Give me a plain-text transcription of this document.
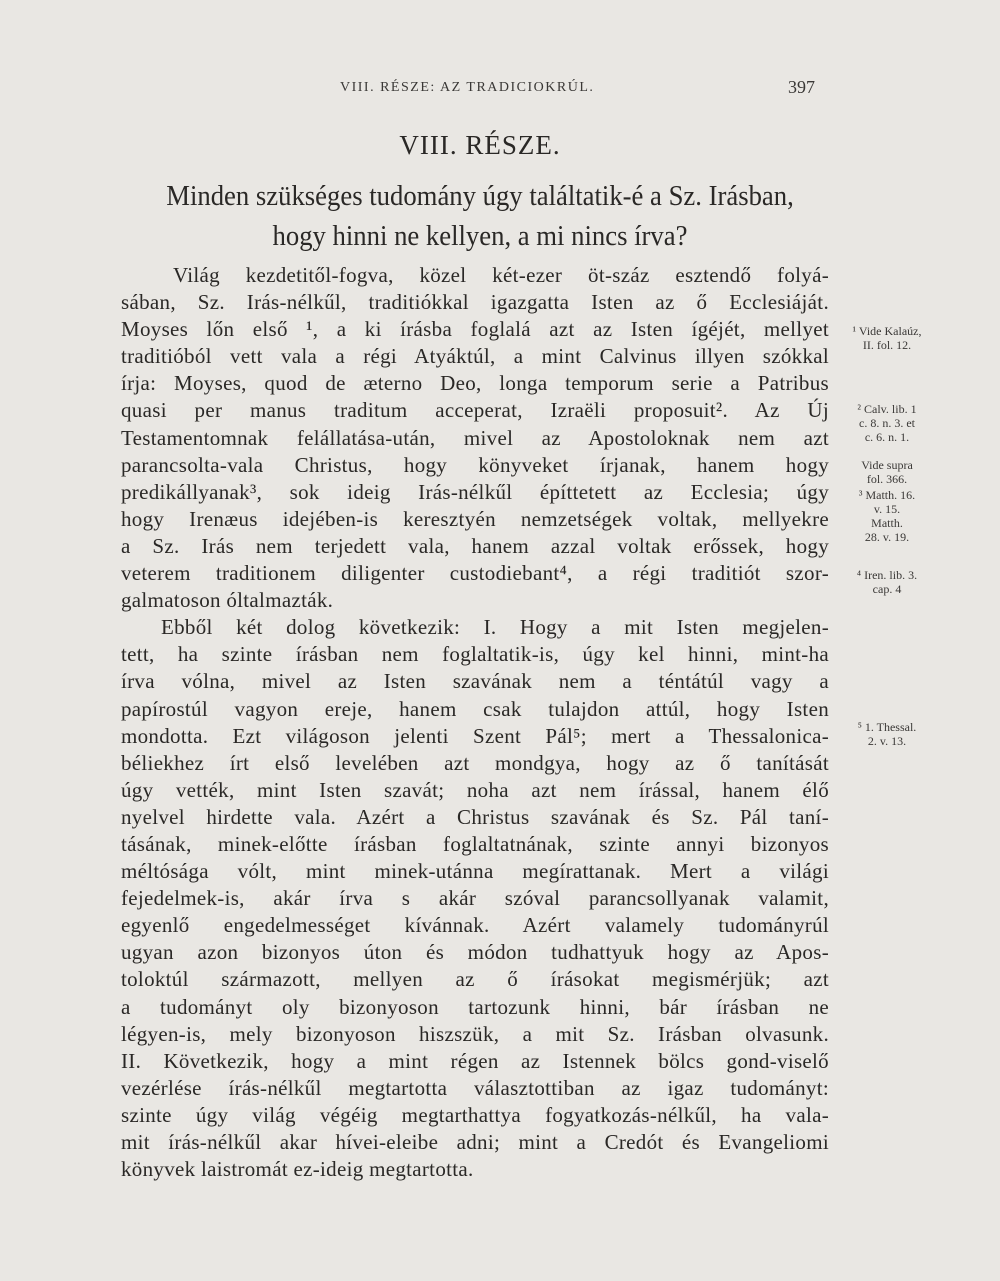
VIII. RÉSZE: AZ TRADICIOKRÚL.	397
VIII. RÉSZE.
Minden szükséges tudomány úgy találtatik-é a Sz. Irásban,
hogy hinni ne kellyen, a mi nincs írva?
Világ kezdetitől-fogva, közel két-ezer öt-száz esztendő folyá-
sában, Sz. Irás-nélkűl, traditiókkal igazgatta Isten az ő Ecclesiáját.
Moyses lőn első ¹, a ki írásba foglalá azt az Isten ígéjét, mellyet
traditióból vett vala a régi Atyáktúl, a mint Calvinus illyen szókkal
írja: Moyses, quod de æterno Deo, longa temporum serie a Patribus
quasi per manus traditum acceperat, Izraëli proposuit². Az Új
Testamentomnak felállatása-után, mivel az Apostoloknak nem azt
parancsolta-vala Christus, hogy könyveket írjanak, hanem hogy
predikállyanak³, sok ideig Irás-nélkűl építtetett az Ecclesia; úgy
hogy Irenæus idejében-is keresztyén nemzetségek voltak, mellyekre
a Sz. Irás nem terjedett vala, hanem azzal voltak erőssek, hogy
veterem traditionem diligenter custodiebant⁴, a régi traditiót szor-
galmatoson óltalmazták.
Ebből két dolog következik: I. Hogy a mit Isten megjelen-
tett, ha szinte írásban nem foglaltatik-is, úgy kel hinni, mint-ha
írva vólna, mivel az Isten szavának nem a téntátúl vagy a
papírostúl vagyon ereje, hanem csak tulajdon attúl, hogy Isten
mondotta. Ezt világoson jelenti Szent Pál⁵; mert a Thessalonica-
béliekhez írt első levelében azt mondgya, hogy az ő tanítását
úgy vették, mint Isten szavát; noha azt nem írással, hanem élő
nyelvel hirdette vala. Azért a Christus szavának és Sz. Pál taní-
tásának, minek-előtte írásban foglaltatnának, szinte annyi bizonyos
méltósága vólt, mint minek-utánna megírattanak. Mert a világi
fejedelmek-is, akár írva s akár szóval parancsollyanak valamit,
egyenlő engedelmességet kívánnak. Azért valamely tudományrúl
ugyan azon bizonyos úton és módon tudhattyuk hogy az Apos-
toloktúl származott, mellyen az ő írásokat megismérjük; azt
a tudományt oly bizonyoson tartozunk hinni, bár írásban ne
légyen-is, mely bizonyoson hiszszük, a mit Sz. Irásban olvasunk.
II. Következik, hogy a mint régen az Istennek bölcs gond-viselő
vezérlése írás-nélkűl megtartotta választottiban az igaz tudományt:
szinte úgy világ végéig megtarthattya fogyatkozás-nélkűl, ha vala-
mit írás-nélkűl akar hívei-eleibe adni; mint a Credót és Evangeliomi
könyvek laistromát ez-ideig megtartotta.
¹ Vide Kalaúz,
II. fol. 12.
² Calv. lib. 1
c. 8. n. 3. et
c. 6. n. 1.
Vide supra
fol. 366.
³ Matth. 16.
v. 15.
Matth.
28. v. 19.
⁴ Iren. lib. 3.
cap. 4
⁵ 1. Thessal.
2. v. 13.
